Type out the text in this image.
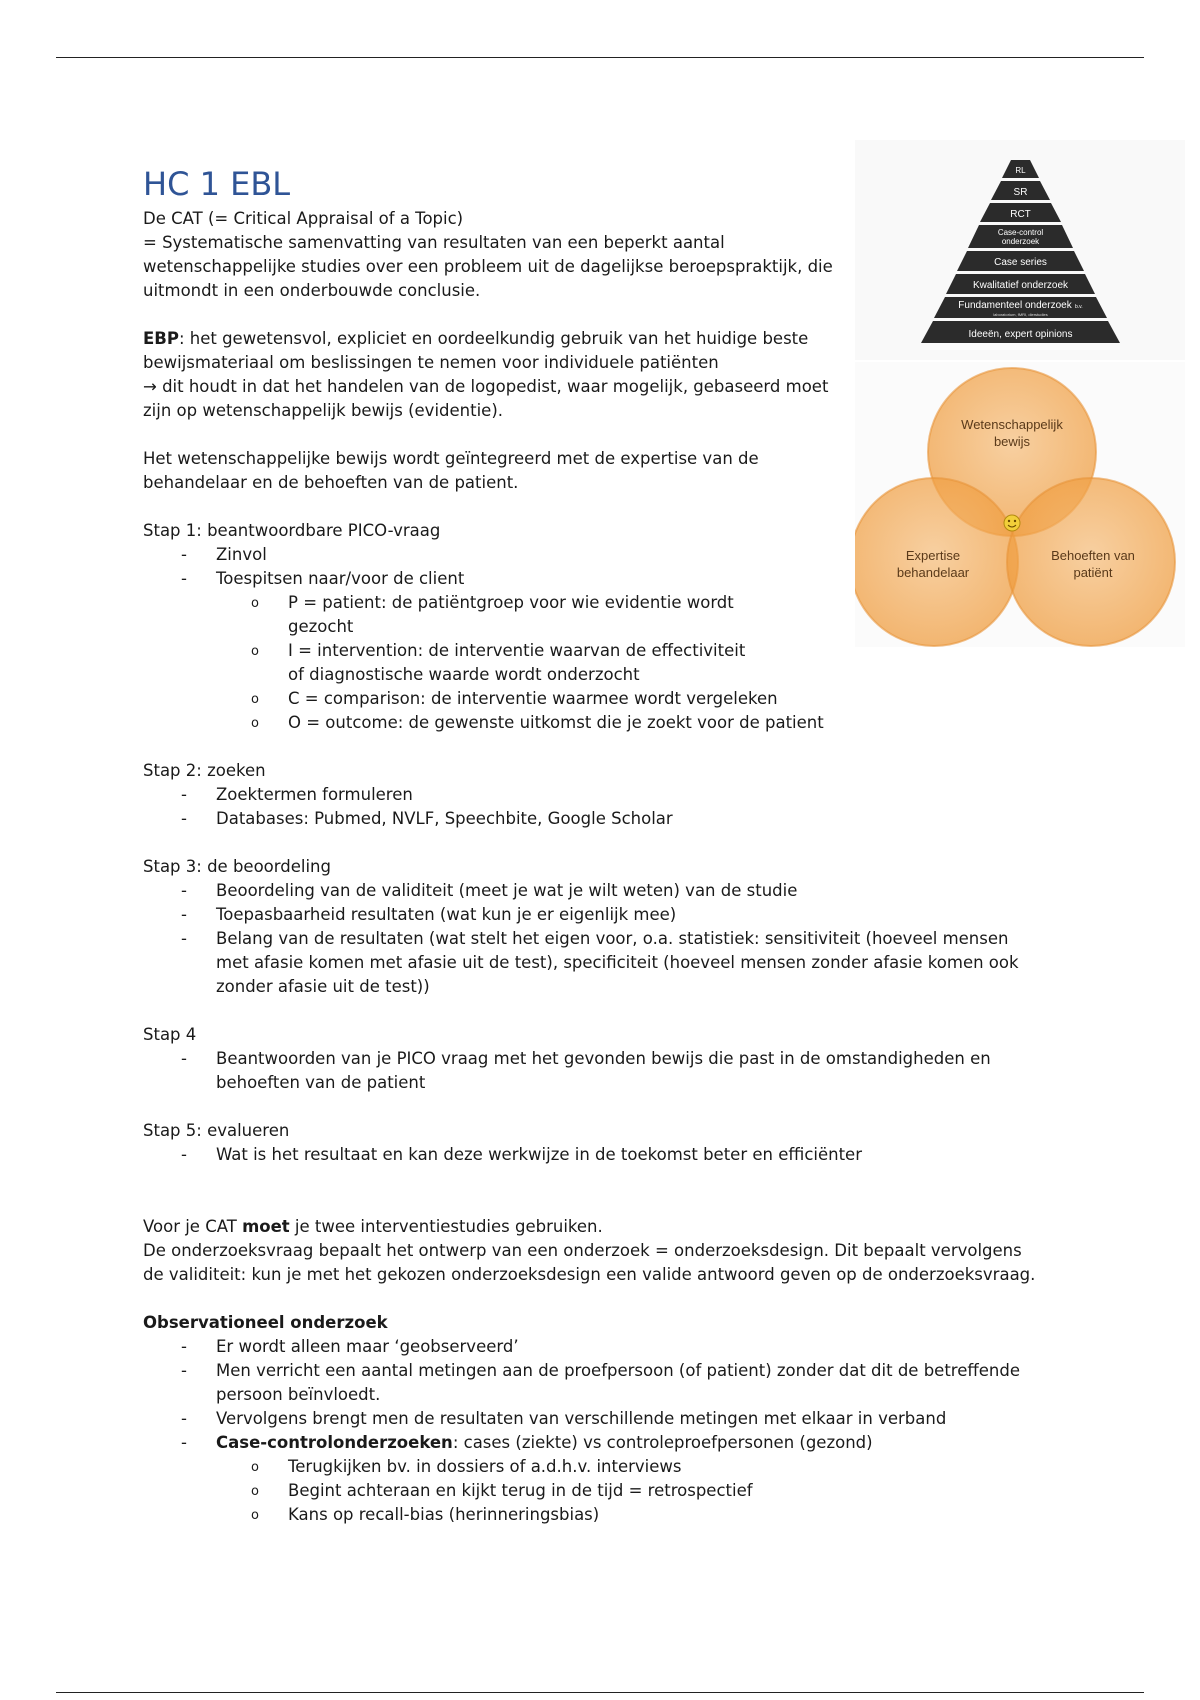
HC 1 EBL

De CAT (= Critical Appraisal of a Topic)

= Systematische samenvatting van resultaten van een beperkt aantal wetenschappelijke studies over een probleem uit de dagelijkse beroepspraktijk, die uitmondt in een onderbouwde conclusie.

EBP: het gewetensvol, expliciet en oordeelkundig gebruik van het huidige beste bewijsmateriaal om beslissingen te nemen voor individuele patiënten

→ dit houdt in dat het handelen van de logopedist, waar mogelijk, gebaseerd moet zijn op wetenschappelijk bewijs (evidentie).

Het wetenschappelijke bewijs wordt geïntegreerd met de expertise van de behandelaar en de behoeften van de patient.

Stap 1: beantwoordbare PICO-vraag

- Zinvol
- Toespitsen naar/voor de client
o P = patient: de patiëntgroep voor wie evidentie wordt gezocht
o I = intervention: de interventie waarvan de effectiviteit of diagnostische waarde wordt onderzocht
o C = comparison: de interventie waarmee wordt vergeleken
o O = outcome: de gewenste uitkomst die je zoekt voor de patient

Stap 2: zoeken

- Zoektermen formuleren
- Databases: Pubmed, NVLF, Speechbite, Google Scholar

Stap 3: de beoordeling

- Beoordeling van de validiteit (meet je wat je wilt weten) van de studie
- Toepasbaarheid resultaten (wat kun je er eigenlijk mee)
- Belang van de resultaten (wat stelt het eigen voor, o.a. statistiek: sensitiviteit (hoeveel mensen met afasie komen met afasie uit de test), specificiteit (hoeveel mensen zonder afasie komen ook zonder afasie uit de test))

Stap 4

- Beantwoorden van je PICO vraag met het gevonden bewijs die past in de omstandigheden en behoeften van de patient

Stap 5: evalueren

- Wat is het resultaat en kan deze werkwijze in de toekomst beter en efficiënter

Voor je CAT moet je twee interventiestudies gebruiken.

De onderzoeksvraag bepaalt het ontwerp van een onderzoek = onderzoeksdesign. Dit bepaalt vervolgens de validiteit: kun je met het gekozen onderzoeksdesign een valide antwoord geven op de onderzoeksvraag.

Observationeel onderzoek

- Er wordt alleen maar ‘geobserveerd’
- Men verricht een aantal metingen aan de proefpersoon (of patient) zonder dat dit de betreffende persoon beïnvloedt.
- Vervolgens brengt men de resultaten van verschillende metingen met elkaar in verband
- Case-controlonderzoeken: cases (ziekte) vs controleproefpersonen (gezond)
o Terugkijken bv. in dossiers of a.d.h.v. interviews
o Begint achteraan en kijkt terug in de tijd = retrospectief
o Kans op recall-bias (herinneringsbias)
RL
SR
RCT
Case-control
onderzoek
Case series
Kwalitatief onderzoek
Fundamenteel onderzoek b.v.
laboratorium, fMRI, dierstudies
Ideeën, expert opinions
Wetenschappelijk
bewijs
Expertise
behandelaar
Behoeften van
patiënt
